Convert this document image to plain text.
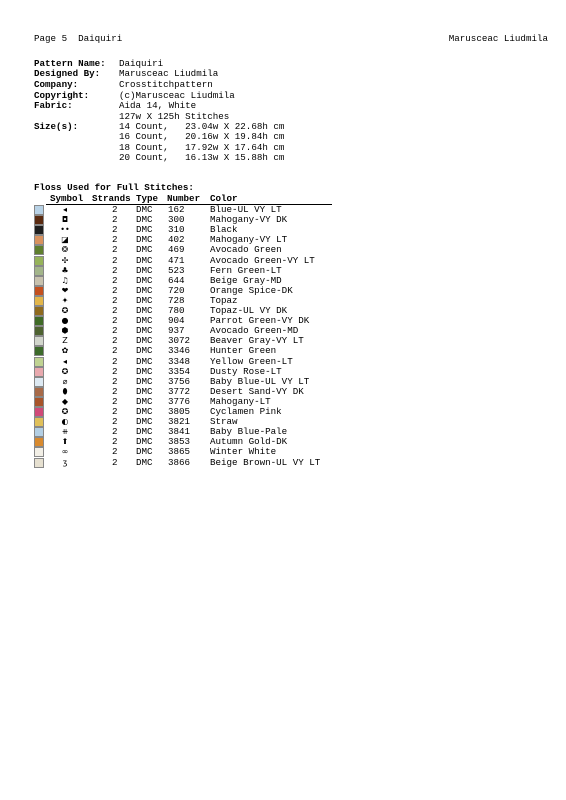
Page 5  Daiquiri	Marusceac Liudmila
Pattern Name: Daiquiri
Designed By: Marusceac Liudmila
Company:	Crosstitchpattern
Copyright:	(c)Marusceac Liudmila
Fabric:	Aida 14, White
127w X 125h Stitches
Size(s):	14 Count,   23.04w X 22.68h cm
16 Count,   20.16w X 19.84h cm
18 Count,   17.92w X 17.64h cm
20 Count,   16.13w X 15.88h cm
Floss Used for Full Stitches:
Symbol Strands Type Number Color
◂	2 DMC 162	Blue-UL VY LT
◘	2 DMC 300	Mahogany-VY DK
••	2 DMC 310	Black
◪	2 DMC 402	Mahogany-VY LT
❂	2 DMC 469	Avocado Green
✣	2 DMC 471	Avocado Green-VY LT
♣	2 DMC 523	Fern Green-LT
♫	2 DMC 644	Beige Gray-MD
❤	2 DMC 720	Orange Spice-DK
✦	2 DMC 728	Topaz
✪	2 DMC 780	Topaz-UL VY DK
●	2 DMC 904	Parrot Green-VY DK
⬢	2 DMC 937	Avocado Green-MD
Z	2 DMC 3072 Beaver Gray-VY LT
✿	2 DMC 3346 Hunter Green
◂	2 DMC 3348 Yellow Green-LT
✪	2 DMC 3354 Dusty Rose-LT
⌀	2 DMC 3756 Baby Blue-UL VY LT
⬮	2 DMC 3772 Desert Sand-VY DK
◆	2 DMC 3776 Mahogany-LT
✪	2 DMC 3805 Cyclamen Pink
◐	2 DMC 3821 Straw
⧺	2 DMC 3841 Baby Blue-Pale
⬆	2 DMC 3853 Autumn Gold-DK
∞	2 DMC 3865 Winter White
ʒ	2 DMC 3866 Beige Brown-UL VY LT
